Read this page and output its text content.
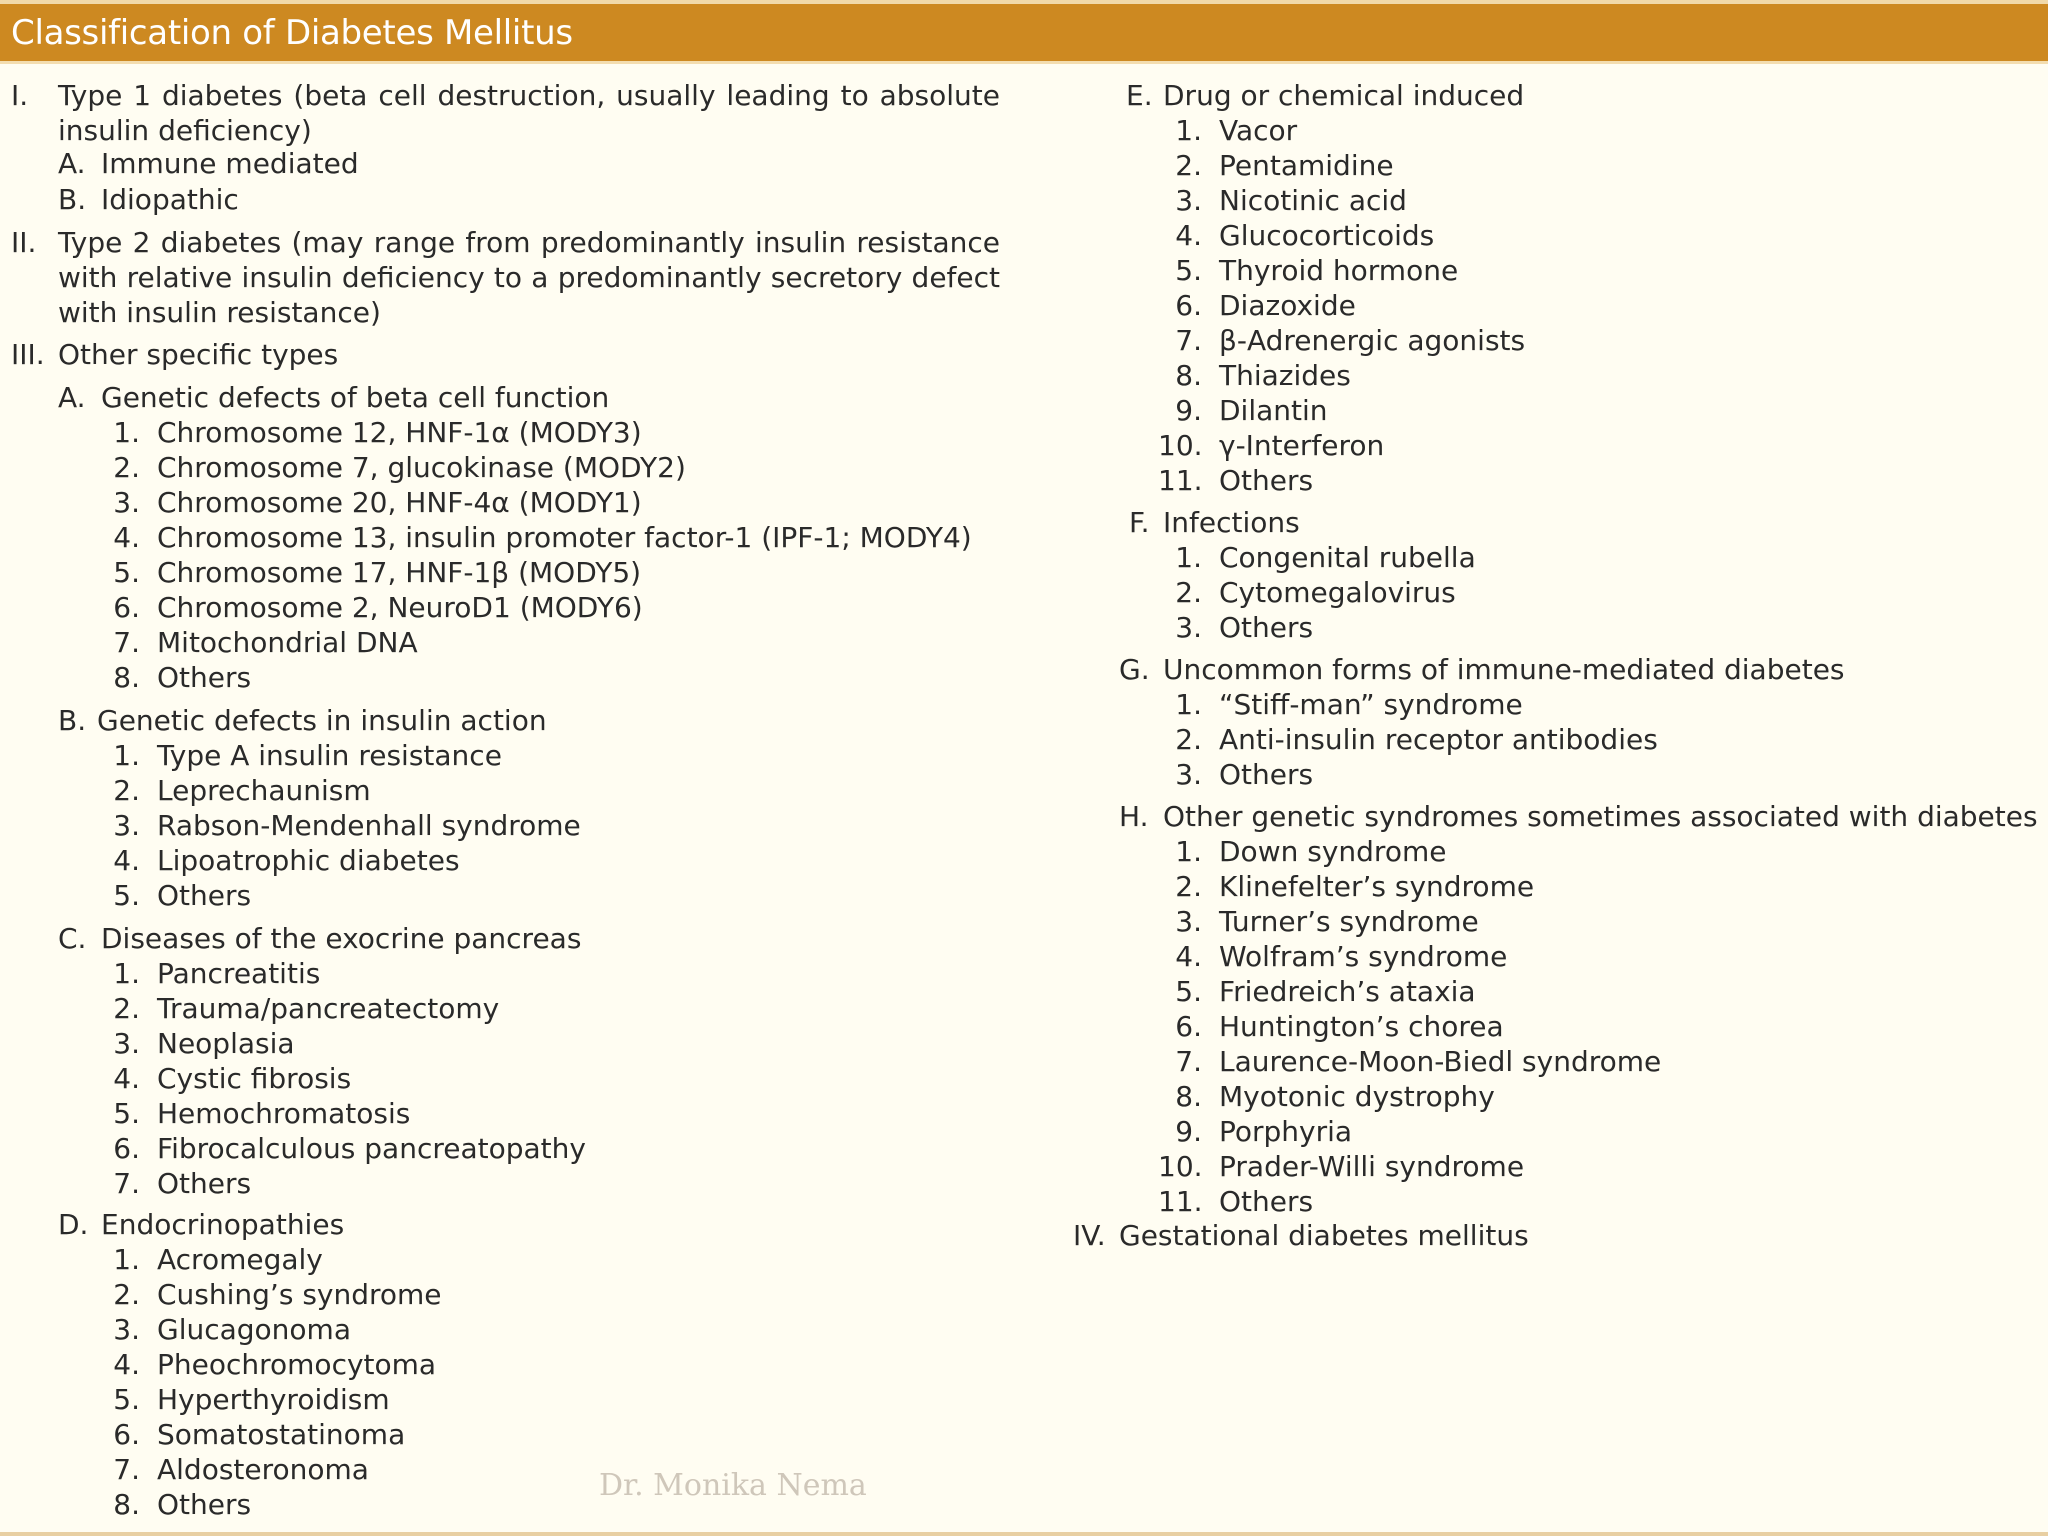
Classification of Diabetes Mellitus
I. Type 1 diabetes (beta cell destruction, usually leading to absolute insulin deficiency)
A. Immune mediated
B. Idiopathic
II. Type 2 diabetes (may range from predominantly insulin resistance with relative insulin deficiency to a predominantly secretory defect with insulin resistance)
III. Other specific types
A. Genetic defects of beta cell function
1. Chromosome 12, HNF-1α (MODY3)
2. Chromosome 7, glucokinase (MODY2)
3. Chromosome 20, HNF-4α (MODY1)
4. Chromosome 13, insulin promoter factor-1 (IPF-1; MODY4)
5. Chromosome 17, HNF-1β (MODY5)
6. Chromosome 2, NeuroD1 (MODY6)
7. Mitochondrial DNA
8. Others
B. Genetic defects in insulin action
1. Type A insulin resistance
2. Leprechaunism
3. Rabson-Mendenhall syndrome
4. Lipoatrophic diabetes
5. Others
C. Diseases of the exocrine pancreas
1. Pancreatitis
2. Trauma/pancreatectomy
3. Neoplasia
4. Cystic fibrosis
5. Hemochromatosis
6. Fibrocalculous pancreatopathy
7. Others
D. Endocrinopathies
1. Acromegaly
2. Cushing’s syndrome
3. Glucagonoma
4. Pheochromocytoma
5. Hyperthyroidism
6. Somatostatinoma
7. Aldosteronoma
8. Others
E. Drug or chemical induced
1. Vacor
2. Pentamidine
3. Nicotinic acid
4. Glucocorticoids
5. Thyroid hormone
6. Diazoxide
7. β-Adrenergic agonists
8. Thiazides
9. Dilantin
10. γ-Interferon
11. Others
F. Infections
1. Congenital rubella
2. Cytomegalovirus
3. Others
G. Uncommon forms of immune-mediated diabetes
1. “Stiff-man” syndrome
2. Anti-insulin receptor antibodies
3. Others
H. Other genetic syndromes sometimes associated with diabetes
1. Down syndrome
2. Klinefelter’s syndrome
3. Turner’s syndrome
4. Wolfram’s syndrome
5. Friedreich’s ataxia
6. Huntington’s chorea
7. Laurence-Moon-Biedl syndrome
8. Myotonic dystrophy
9. Porphyria
10. Prader-Willi syndrome
11. Others
IV. Gestational diabetes mellitus
Dr. Monika Nema
